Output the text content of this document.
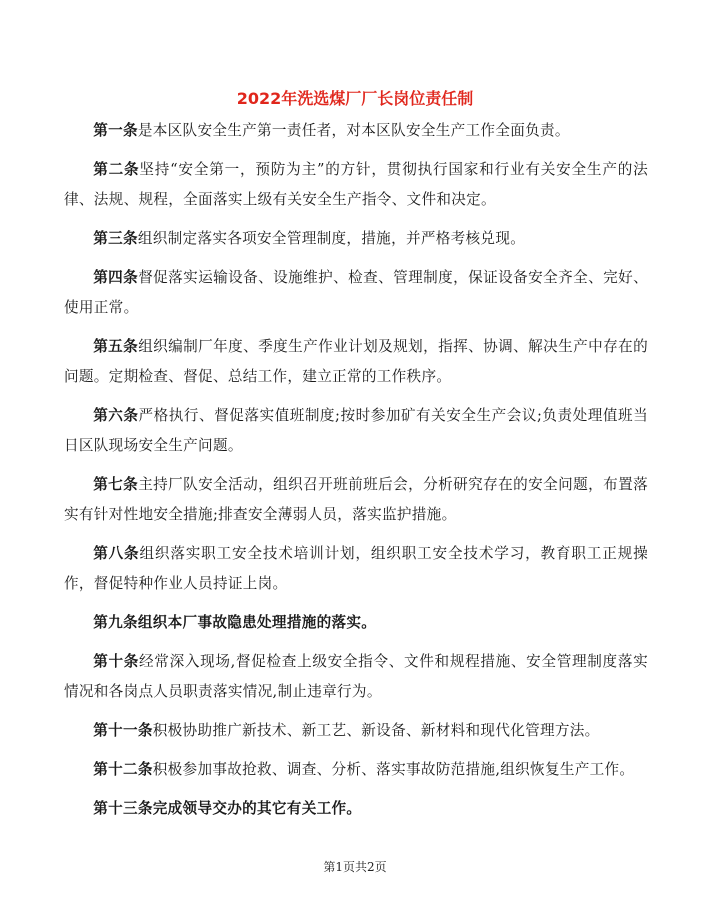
2022年洗选煤厂厂长岗位责任制

第一条是本区队安全生产第一责任者，对本区队安全生产工作全面负责。

第二条坚持“安全第一，预防为主”的方针，贯彻执行国家和行业有关安全生产的法律、法规、规程，全面落实上级有关安全生产指令、文件和决定。

第三条组织制定落实各项安全管理制度，措施，并严格考核兑现。

第四条督促落实运输设备、设施维护、检查、管理制度，保证设备安全齐全、完好、使用正常。

第五条组织编制厂年度、季度生产作业计划及规划，指挥、协调、解决生产中存在的问题。定期检查、督促、总结工作，建立正常的工作秩序。

第六条严格执行、督促落实值班制度;按时参加矿有关安全生产会议;负责处理值班当日区队现场安全生产问题。

第七条主持厂队安全活动，组织召开班前班后会，分析研究存在的安全问题，布置落实有针对性地安全措施;排查安全薄弱人员，落实监护措施。

第八条组织落实职工安全技术培训计划，组织职工安全技术学习，教育职工正规操作，督促特种作业人员持证上岗。

第九条组织本厂事故隐患处理措施的落实。

第十条经常深入现场,督促检查上级安全指令、文件和规程措施、安全管理制度落实情况和各岗点人员职责落实情况,制止违章行为。

第十一条积极协助推广新技术、新工艺、新设备、新材料和现代化管理方法。

第十二条积极参加事故抢救、调查、分析、落实事故防范措施,组织恢复生产工作。

第十三条完成领导交办的其它有关工作。

第1页共2页
